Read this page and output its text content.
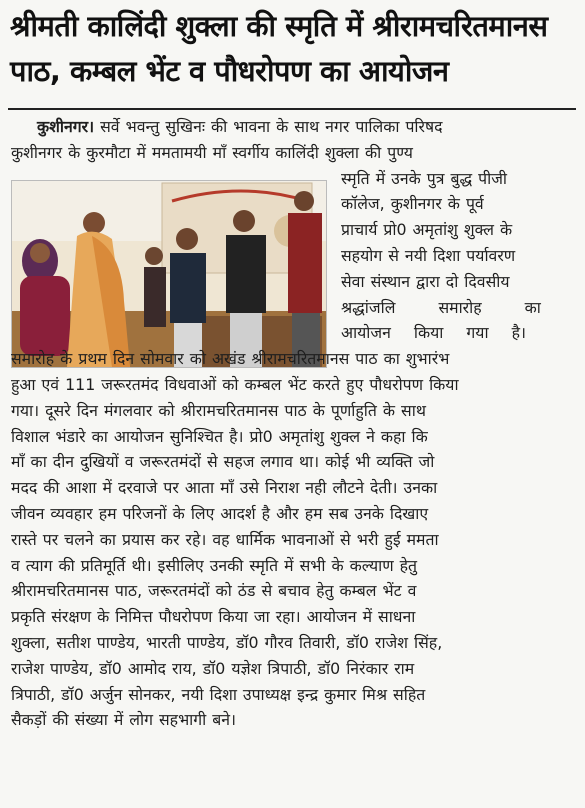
श्रीमती कालिंदी शुक्ला की स्मृति में श्रीरामचरितमानस
पाठ, कम्बल भेंट व पौधरोपण का आयोजन
कुशीनगर। सर्वे भवन्तु सुखिनः की भावना के साथ नगर पालिका परिषद
कुशीनगर के कुरमौटा में ममतामयी माँ स्वर्गीय कालिंदी शुक्ला की पुण्य
स्मृति में उनके पुत्र बुद्ध पीजी
कॉलेज, कुशीनगर के पूर्व
प्राचार्य प्रो0 अमृतांशु शुक्ल के
सहयोग से नयी दिशा पर्यावरण
सेवा संस्थान द्वारा दो दिवसीय
श्रद्धांजलि समारोह का
आयोजन किया गया है।
समारोह के प्रथम दिन सोमवार को अखंड श्रीरामचरितमानस पाठ का शुभारंभ
हुआ एवं 111 जरूरतमंद विधवाओं को कम्बल भेंट करते हुए पौधरोपण किया
गया। दूसरे दिन मंगलवार को श्रीरामचरितमानस पाठ के पूर्णाहुति के साथ
विशाल भंडारे का आयोजन सुनिश्चित है। प्रो0 अमृतांशु शुक्ल ने कहा कि
माँ का दीन दुखियों व जरूरतमंदों से सहज लगाव था। कोई भी व्यक्ति जो
मदद की आशा में दरवाजे पर आता माँ उसे निराश नही लौटने देती। उनका
जीवन व्यवहार हम परिजनों के लिए आदर्श है और हम सब उनके दिखाए
रास्ते पर चलने का प्रयास कर रहे। वह धार्मिक भावनाओं से भरी हुई ममता
व त्याग की प्रतिमूर्ति थी। इसीलिए उनकी स्मृति में सभी के कल्याण हेतु
श्रीरामचरितमानस पाठ, जरूरतमंदों को ठंड से बचाव हेतु कम्बल भेंट व
प्रकृति संरक्षण के निमित्त पौधरोपण किया जा रहा। आयोजन में साधना
शुक्ला, सतीश पाण्डेय, भारती पाण्डेय, डॉ0 गौरव तिवारी, डॉ0 राजेश सिंह,
राजेश पाण्डेय, डॉ0 आमोद राय, डॉ0 यज्ञेश त्रिपाठी, डॉ0 निरंकार राम
त्रिपाठी, डॉ0 अर्जुन सोनकर, नयी दिशा उपाध्यक्ष इन्द्र कुमार मिश्र सहित
सैकड़ों की संख्या में लोग सहभागी बने।
